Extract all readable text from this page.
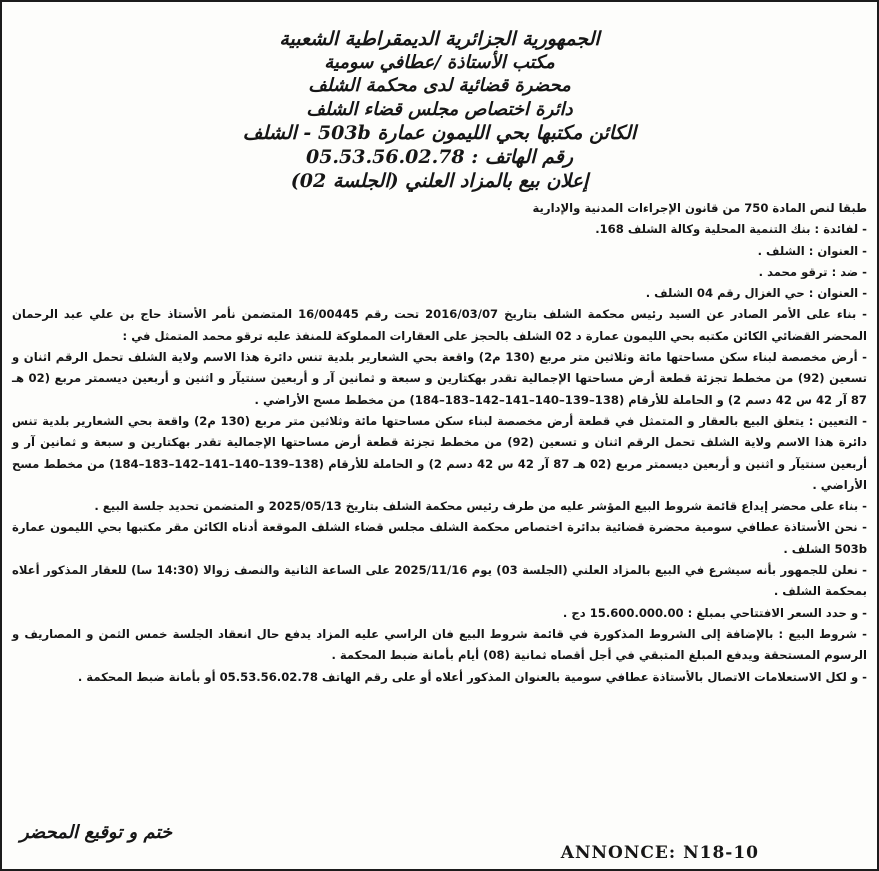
الجمهورية الجزائرية الديمقراطية الشعبية
مكتب الأستاذة /عطافي سومية
محضرة قضائية لدى محكمة الشلف
دائرة اختصاص مجلس قضاء الشلف
الكائن مكتبها بحي الليمون عمارة 503b - الشلف
رقم الهاتف : 05.53.56.02.78
إعلان بيع بالمزاد العلني (الجلسة 02)

طبقا لنص المادة 750 من قانون الإجراءات المدنية والإدارية

- لفائدة : بنك التنمية المحلية وكالة الشلف 168.

- العنوان : الشلف .

- ضد : ترقو محمد .

- العنوان : حي الغزال رقم 04 الشلف .

- بناء على الأمر الصادر عن السيد رئيس محكمة الشلف بتاريخ 2016/03/07 تحت رقم 16/00445 المتضمن نأمر الأستاذ حاج بن علي عبد الرحمان المحضر القضائي الكائن مكتبه بحي الليمون عمارة د 02 الشلف بالحجز على العقارات المملوكة للمنفذ عليه ترقو محمد المتمثل في :

- أرض مخصصة لبناء سكن مساحتها مائة وثلاثين متر مربع (130 م2) واقعة بحي الشعارير بلدية تنس دائرة هذا الاسم ولاية الشلف تحمل الرقم اثنان و تسعين (92) من مخطط تجزئة قطعة أرض مساحتها الإجمالية تقدر بهكتارين و سبعة و ثمانين آر و أربعين سنتيآر و اثنين و أربعين ديسمتر مربع (02 هـ 87 آر 42 س 42 دسم 2) و الحاملة للأرقام (138–139–140–141–142–183–184) من مخطط مسح الأراضي .

- التعيين : يتعلق البيع بالعقار و المتمثل في قطعة أرض مخصصة لبناء سكن مساحتها مائة وثلاثين متر مربع (130 م2) واقعة بحي الشعارير بلدية تنس دائرة هذا الاسم ولاية الشلف تحمل الرقم اثنان و تسعين (92) من مخطط تجزئة قطعة أرض مساحتها الإجمالية تقدر بهكتارين و سبعة و ثمانين آر و أربعين سنتيآر و اثنين و أربعين ديسمتر مربع (02 هـ 87 آر 42 س 42 دسم 2) و الحاملة للأرقام (138–139–140–141–142–183–184) من مخطط مسح الأراضي .

- بناء على محضر إيداع قائمة شروط البيع المؤشر عليه من طرف رئيس محكمة الشلف بتاريخ 2025/05/13 و المتضمن تحديد جلسة البيع .

- نحن الأستاذة عطافي سومية محضرة قضائية بدائرة اختصاص محكمة الشلف مجلس قضاء الشلف الموقعة أدناه الكائن مقر مكتبها بحي الليمون عمارة 503b الشلف .

- نعلن للجمهور بأنه سيشرع في البيع بالمزاد العلني (الجلسة 03) يوم 2025/11/16 على الساعة الثانية والنصف زوالا (14:30 سا) للعقار المذكور أعلاه بمحكمة الشلف .

- و حدد السعر الافتتاحي بمبلغ : 15.600.000.00 دج .

- شروط البيع : بالإضافة إلى الشروط المذكورة في قائمة شروط البيع فان الراسي عليه المزاد يدفع حال انعقاد الجلسة خمس الثمن و المصاريف و الرسوم المستحقة ويدفع المبلغ المتبقي في أجل أقصاه ثمانية (08) أيام بأمانة ضبط المحكمة .

- و لكل الاستعلامات الاتصال بالأستاذة عطافي سومية بالعنوان المذكور أعلاه أو على رقم الهاتف 05.53.56.02.78 أو بأمانة ضبط المحكمة .

ختم و توقيع المحضر
ANNONCE: N18-10
